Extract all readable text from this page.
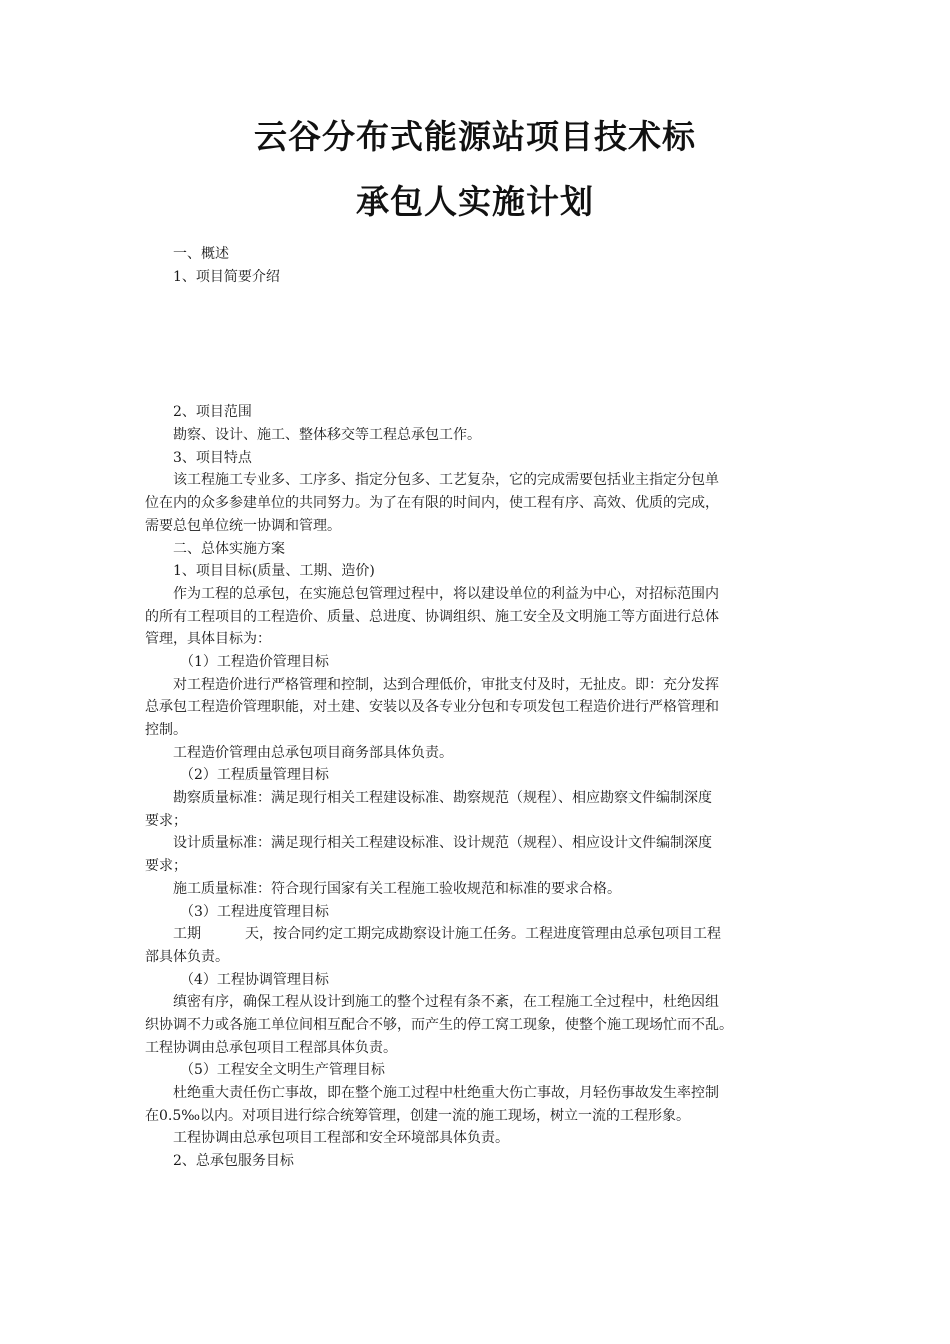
云谷分布式能源站项目技术标
承包人实施计划
一、概述
1、项目简要介绍
2、项目范围
勘察、设计、施工、整体移交等工程总承包工作。
3、项目特点
该工程施工专业多、工序多、指定分包多、工艺复杂，它的完成需要包括业主指定分包单
位在内的众多参建单位的共同努力。为了在有限的时间内，使工程有序、高效、优质的完成，
需要总包单位统一协调和管理。
二、总体实施方案
1、项目目标(质量、工期、造价)
作为工程的总承包，在实施总包管理过程中，将以建设单位的利益为中心，对招标范围内
的所有工程项目的工程造价、质量、总进度、协调组织、施工安全及文明施工等方面进行总体
管理，具体目标为：
（1）工程造价管理目标
对工程造价进行严格管理和控制，达到合理低价，审批支付及时，无扯皮。即：充分发挥
总承包工程造价管理职能，对土建、安装以及各专业分包和专项发包工程造价进行严格管理和
控制。
工程造价管理由总承包项目商务部具体负责。
（2）工程质量管理目标
勘察质量标准：满足现行相关工程建设标准、勘察规范（规程）、相应勘察文件编制深度
要求；
设计质量标准：满足现行相关工程建设标准、设计规范（规程）、相应设计文件编制深度
要求；
施工质量标准：符合现行国家有关工程施工验收规范和标准的要求合格。
（3）工程进度管理目标
工期	天，按合同约定工期完成勘察设计施工任务。工程进度管理由总承包项目工程
部具体负责。
（4）工程协调管理目标
缜密有序，确保工程从设计到施工的整个过程有条不紊，在工程施工全过程中，杜绝因组
织协调不力或各施工单位间相互配合不够，而产生的停工窝工现象，使整个施工现场忙而不乱。
工程协调由总承包项目工程部具体负责。
（5）工程安全文明生产管理目标
杜绝重大责任伤亡事故，即在整个施工过程中杜绝重大伤亡事故，月轻伤事故发生率控制
在0.5‰以内。对项目进行综合统筹管理，创建一流的施工现场，树立一流的工程形象。
工程协调由总承包项目工程部和安全环境部具体负责。
2、总承包服务目标
